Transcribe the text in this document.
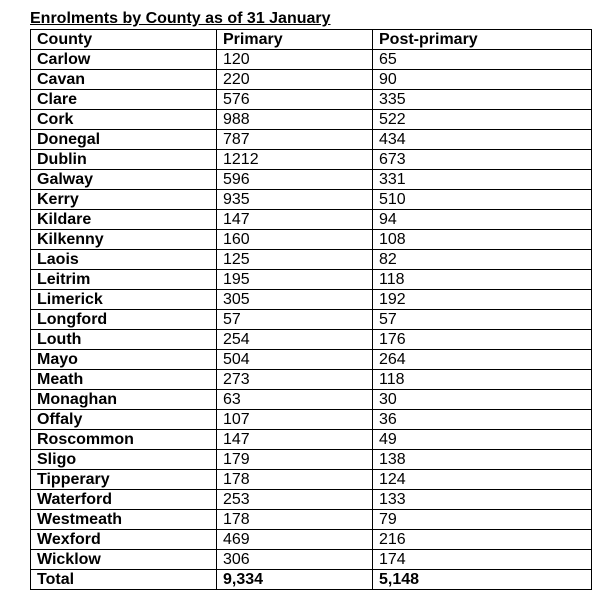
Enrolments by County as of 31 January
County	Primary	Post-primary
Carlow	120	65
Cavan	220	90
Clare	576	335
Cork	988	522
Donegal	787	434
Dublin	1212	673
Galway	596	331
Kerry	935	510
Kildare	147	94
Kilkenny	160	108
Laois	125	82
Leitrim	195	118
Limerick	305	192
Longford	57	57
Louth	254	176
Mayo	504	264
Meath	273	118
Monaghan	63	30
Offaly	107	36
Roscommon	147	49
Sligo	179	138
Tipperary	178	124
Waterford	253	133
Westmeath	178	79
Wexford	469	216
Wicklow	306	174
Total	9,334	5,148
